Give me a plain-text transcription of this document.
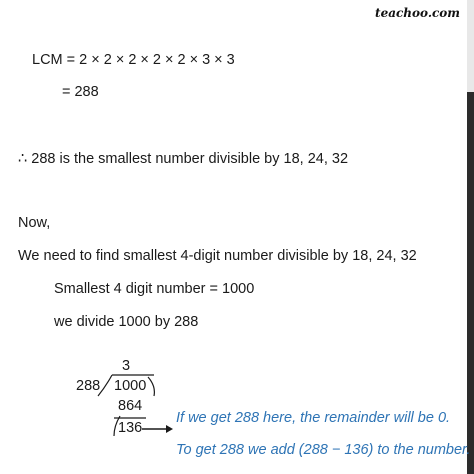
teachoo.com
LCM = 2 × 2 × 2 × 2 × 2 × 3 × 3
= 288
∴ 288 is the smallest number divisible by 18, 24, 32
Now,
We need to find smallest 4-digit number divisible by 18, 24, 32
Smallest 4 digit number = 1000
we divide 1000 by 288
3
288 1000
864
136
If we get 288 here, the remainder will be 0.
To get 288 we add (288 − 136) to the number.
